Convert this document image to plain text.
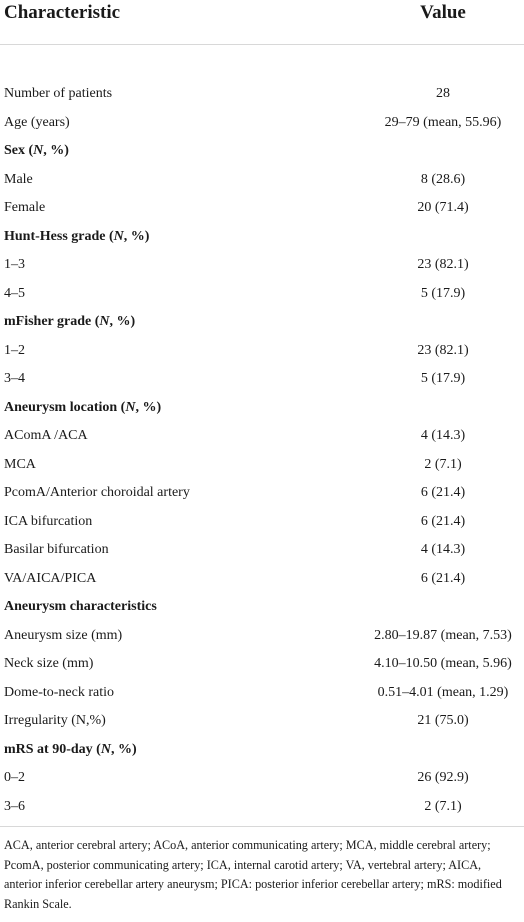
Characteristic	Value
Number of patients	28
Age (years)	29–79 (mean, 55.96)
Sex (N, %)
Male	8 (28.6)
Female	20 (71.4)
Hunt-Hess grade (N, %)
1–3	23 (82.1)
4–5	5 (17.9)
mFisher grade (N, %)
1–2	23 (82.1)
3–4	5 (17.9)
Aneurysm location (N, %)
AComA /ACA	4 (14.3)
MCA	2 (7.1)
PcomA/Anterior choroidal artery	6 (21.4)
ICA bifurcation	6 (21.4)
Basilar bifurcation	4 (14.3)
VA/AICA/PICA	6 (21.4)
Aneurysm characteristics
Aneurysm size (mm)	2.80–19.87 (mean, 7.53)
Neck size (mm)	4.10–10.50 (mean, 5.96)
Dome-to-neck ratio	0.51–4.01 (mean, 1.29)
Irregularity (N,%)	21 (75.0)
mRS at 90-day (N, %)
0–2	26 (92.9)
3–6	2 (7.1)
ACA, anterior cerebral artery; ACoA, anterior communicating artery; MCA, middle cerebral artery; PcomA, posterior communicating artery; ICA, internal carotid artery; VA, vertebral artery; AICA, anterior inferior cerebellar artery aneurysm; PICA: posterior inferior cerebellar artery; mRS: modified Rankin Scale.
